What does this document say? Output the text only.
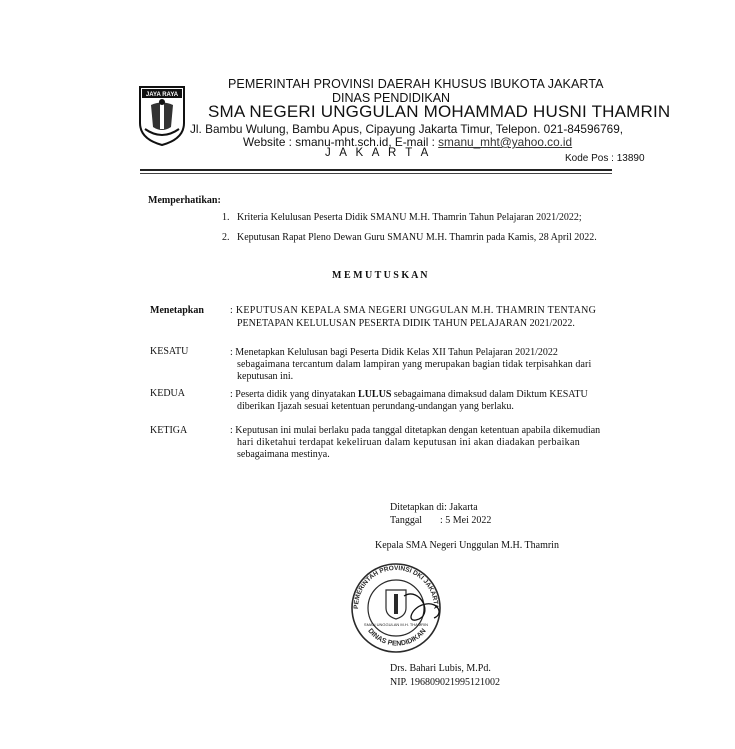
JAYA RAYA
PEMERINTAH PROVINSI DAERAH KHUSUS IBUKOTA JAKARTA
DINAS PENDIDIKAN
SMA NEGERI UNGGULAN MOHAMMAD HUSNI THAMRIN
Jl. Bambu Wulung, Bambu Apus, Cipayung Jakarta Timur, Telepon. 021-84596769,
Website : smanu-mht.sch.id, E-mail : smanu_mht@yahoo.co.id
J A K A R T A	Kode Pos : 13890
Memperhatikan:
1. Kriteria Kelulusan Peserta Didik SMANU M.H. Thamrin Tahun Pelajaran 2021/2022;
2. Keputusan Rapat Pleno Dewan Guru SMANU M.H. Thamrin pada Kamis, 28 April 2022.
M E M U T U S K A N
Menetapkan	: KEPUTUSAN KEPALA SMA NEGERI UNGGULAN M.H. THAMRIN TENTANG
PENETAPAN KELULUSAN PESERTA DIDIK TAHUN PELAJARAN 2021/2022.
KESATU	: Menetapkan Kelulusan bagi Peserta Didik Kelas XII Tahun Pelajaran 2021/2022
sebagaimana tercantum dalam lampiran yang merupakan bagian tidak terpisahkan dari
keputusan ini.
KEDUA	: Peserta didik yang dinyatakan LULUS sebagaimana dimaksud dalam Diktum KESATU
diberikan Ijazah sesuai ketentuan perundang-undangan yang berlaku.
KETIGA	: Keputusan ini mulai berlaku pada tanggal ditetapkan dengan ketentuan apabila dikemudian
hari diketahui terdapat kekeliruan dalam keputusan ini akan diadakan perbaikan
sebagaimana mestinya.
Ditetapkan di: Jakarta
Tanggal : 5 Mei 2022
Kepala SMA Negeri Unggulan M.H. Thamrin
PEMERINTAH PROVINSI DKI JAKARTA
DINAS PENDIDIKAN
SMAN UNGGULAN M.H. THAMRIN
Drs. Bahari Lubis, M.Pd.
NIP. 196809021995121002
